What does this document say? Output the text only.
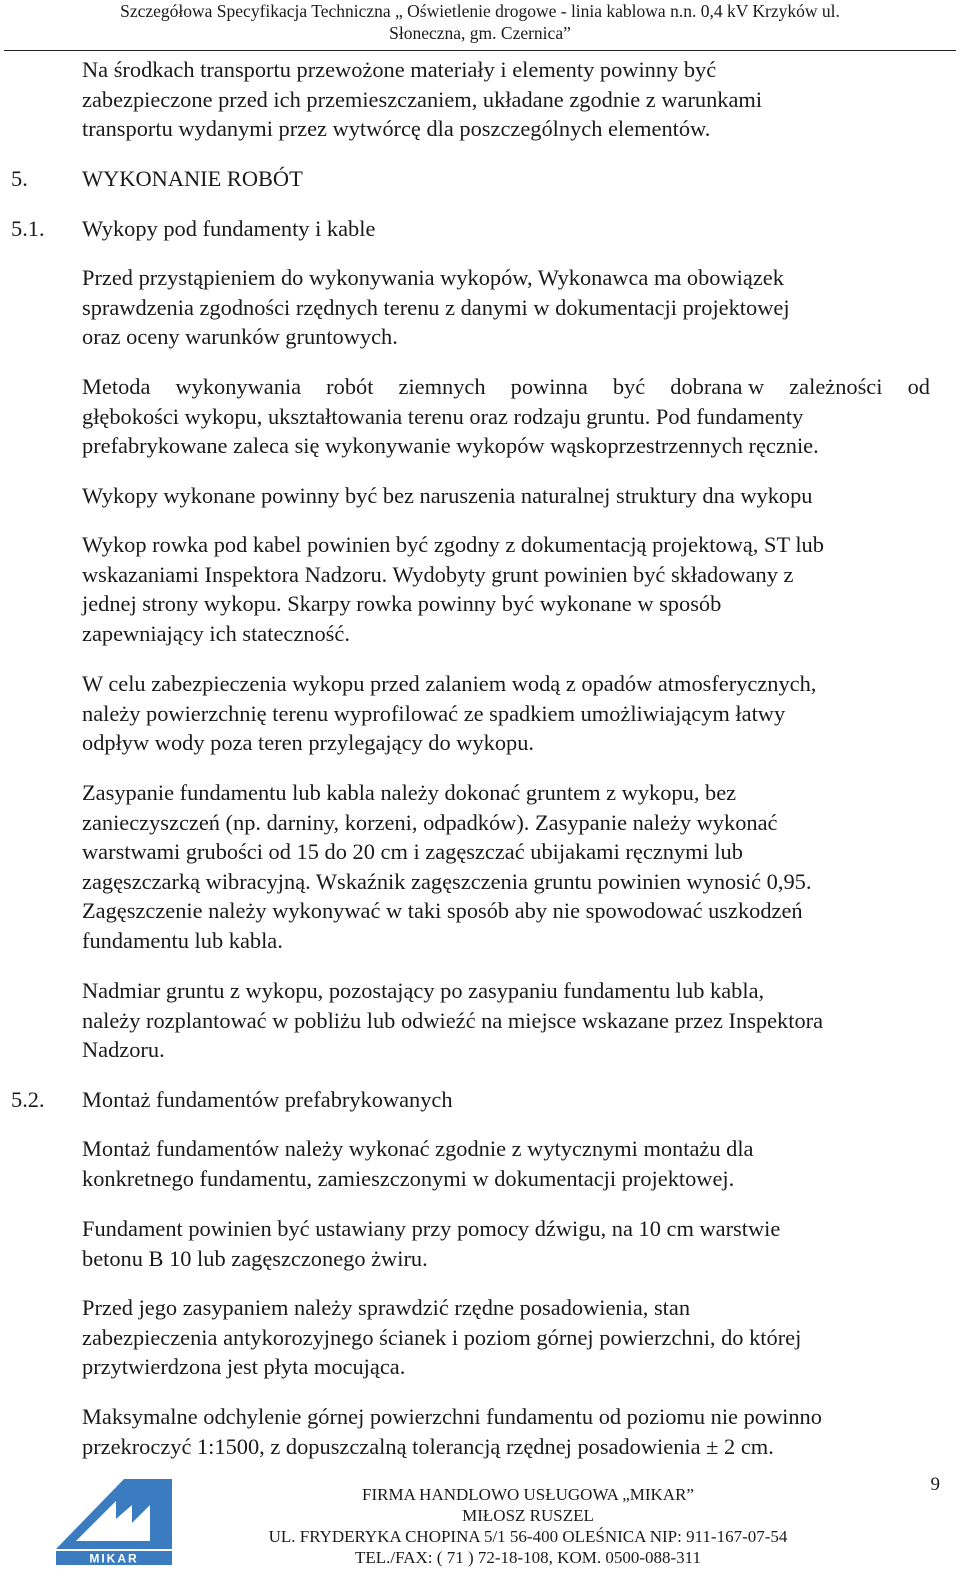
Szczegółowa Specyfikacja Techniczna „ Oświetlenie drogowe - linia kablowa n.n. 0,4 kV Krzyków ul.
Słoneczna, gm. Czernica”
Na środkach transportu przewożone materiały i elementy powinny być
zabezpieczone przed ich przemieszczaniem, układane zgodnie z warunkami
transportu wydanymi przez wytwórcę dla poszczególnych elementów.
5. WYKONANIE ROBÓT
5.1. Wykopy pod fundamenty i kable
Przed przystąpieniem do wykonywania wykopów, Wykonawca ma obowiązek
sprawdzenia zgodności rzędnych terenu z danymi w dokumentacji projektowej
oraz oceny warunków gruntowych.
Metoda wykonywania robót ziemnych powinna być dobrana w zależności od
głębokości wykopu, ukształtowania terenu oraz rodzaju gruntu. Pod fundamenty
prefabrykowane zaleca się wykonywanie wykopów wąskoprzestrzennych ręcznie.
Wykopy wykonane powinny być bez naruszenia naturalnej struktury dna wykopu
Wykop rowka pod kabel powinien być zgodny z dokumentacją projektową, ST lub
wskazaniami Inspektora Nadzoru. Wydobyty grunt powinien być składowany z
jednej strony wykopu. Skarpy rowka powinny być wykonane w sposób
zapewniający ich stateczność.
W celu zabezpieczenia wykopu przed zalaniem wodą z opadów atmosferycznych,
należy powierzchnię terenu wyprofilować ze spadkiem umożliwiającym łatwy
odpływ wody poza teren przylegający do wykopu.
Zasypanie fundamentu lub kabla należy dokonać gruntem z wykopu, bez
zanieczyszczeń (np. darniny, korzeni, odpadków). Zasypanie należy wykonać
warstwami grubości od 15 do 20 cm i zagęszczać ubijakami ręcznymi lub
zagęszczarką wibracyjną. Wskaźnik zagęszczenia gruntu powinien wynosić 0,95.
Zagęszczenie należy wykonywać w taki sposób aby nie spowodować uszkodzeń
fundamentu lub kabla.
Nadmiar gruntu z wykopu, pozostający po zasypaniu fundamentu lub kabla,
należy rozplantować w pobliżu lub odwieźć na miejsce wskazane przez Inspektora
Nadzoru.
5.2. Montaż fundamentów prefabrykowanych
Montaż fundamentów należy wykonać zgodnie z wytycznymi montażu dla
konkretnego fundamentu, zamieszczonymi w dokumentacji projektowej.
Fundament powinien być ustawiany przy pomocy dźwigu, na 10 cm warstwie
betonu B 10 lub zagęszczonego żwiru.
Przed jego zasypaniem należy sprawdzić rzędne posadowienia, stan
zabezpieczenia antykorozyjnego ścianek i poziom górnej powierzchni, do której
przytwierdzona jest płyta mocująca.
Maksymalne odchylenie górnej powierzchni fundamentu od poziomu nie powinno
przekroczyć 1:1500, z dopuszczalną tolerancją rzędnej posadowienia ± 2 cm.
MIKAR
FIRMA HANDLOWO USŁUGOWA „MIKAR”
MIŁOSZ RUSZEL
UL. FRYDERYKA CHOPINA 5/1 56-400 OLEŚNICA NIP: 911-167-07-54
TEL./FAX: ( 71 ) 72-18-108, KOM. 0500-088-311
9
